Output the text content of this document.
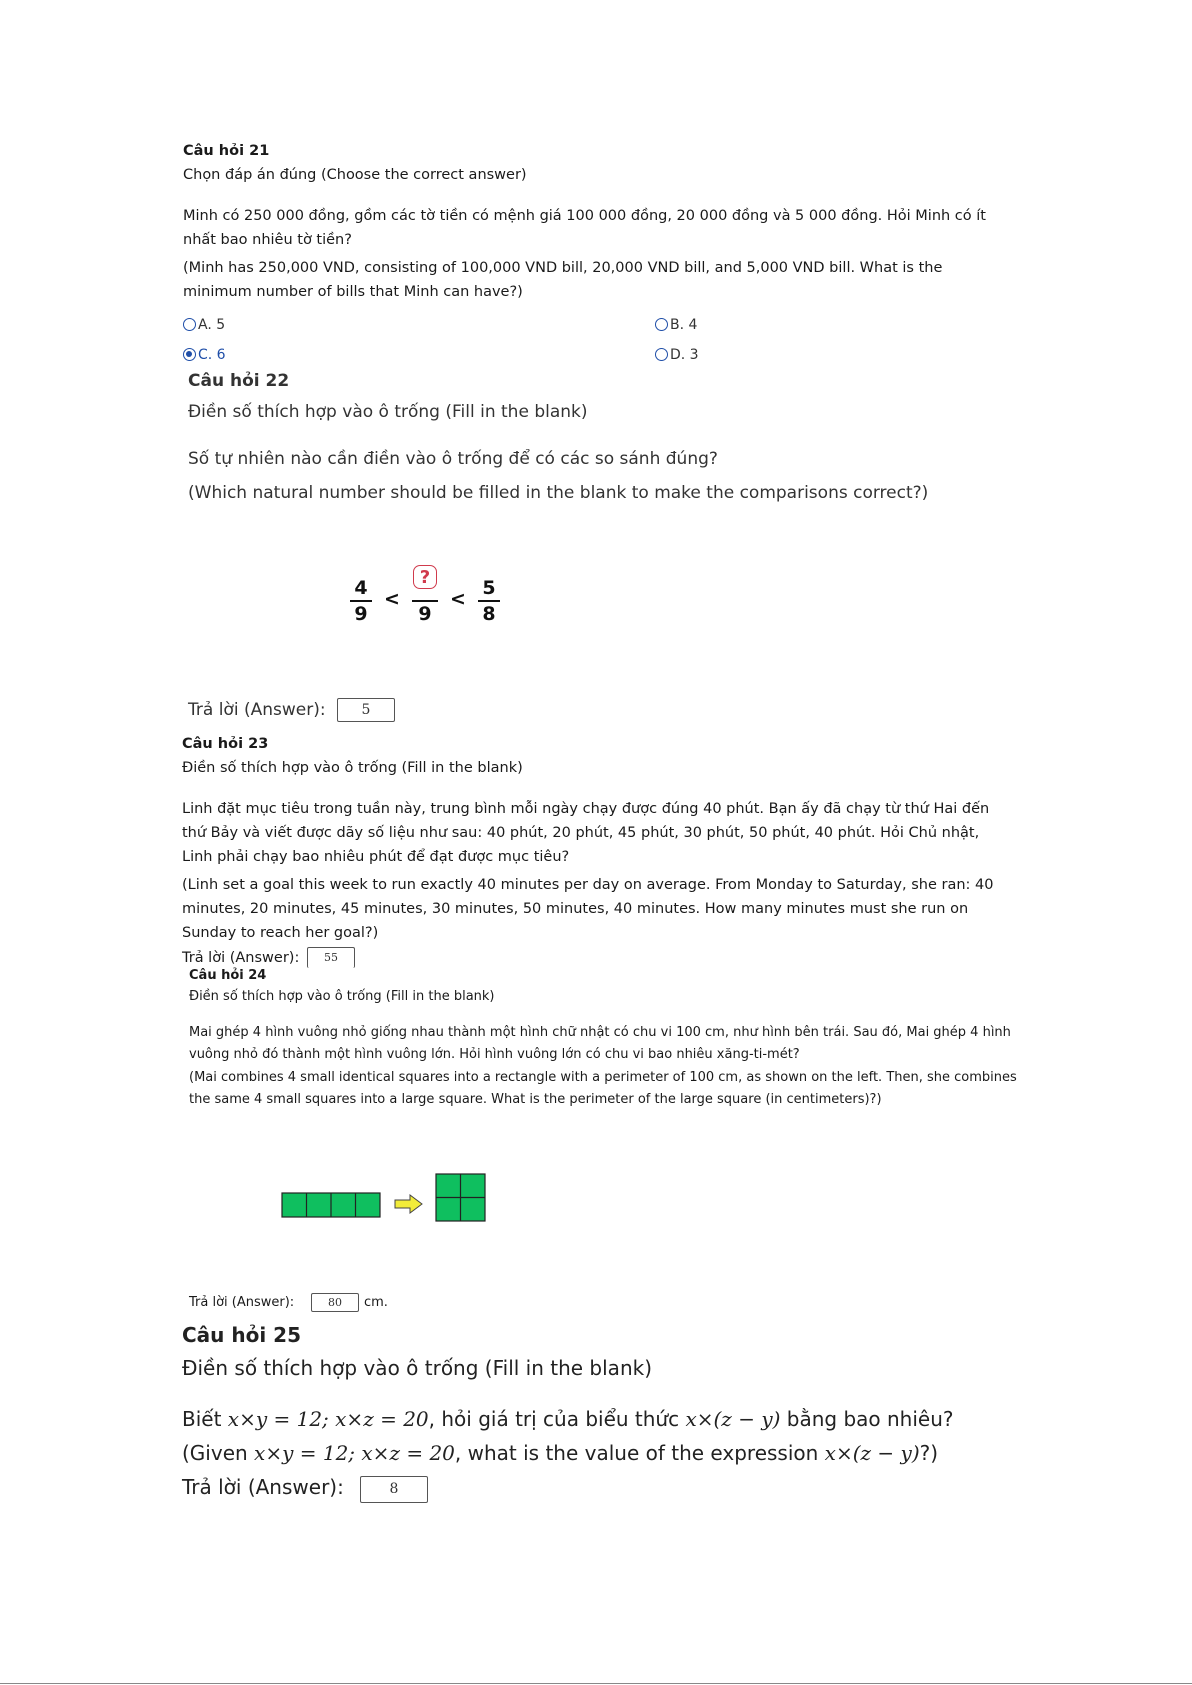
Câu hỏi 21
Chọn đáp án đúng (Choose the correct answer)
Minh có 250 000 đồng, gồm các tờ tiền có mệnh giá 100 000 đồng, 20 000 đồng và 5 000 đồng. Hỏi Minh có ít nhất bao nhiêu tờ tiền?
(Minh has 250,000 VND, consisting of 100,000 VND bill, 20,000 VND bill, and 5,000 VND bill. What is the minimum number of bills that Minh can have?)
A. 5	B. 4
C. 6	D. 3
Câu hỏi 22
Điền số thích hợp vào ô trống (Fill in the blank)
Số tự nhiên nào cần điền vào ô trống để có các so sánh đúng?
(Which natural number should be filled in the blank to make the comparisons correct?)
4
9
<
?
9
< 5
8
Trả lời (Answer):	5
Câu hỏi 23
Điền số thích hợp vào ô trống (Fill in the blank)
Linh đặt mục tiêu trong tuần này, trung bình mỗi ngày chạy được đúng 40 phút. Bạn ấy đã chạy từ thứ Hai đến thứ Bảy và viết được dãy số liệu như sau: 40 phút, 20 phút, 45 phút, 30 phút, 50 phút, 40 phút. Hỏi Chủ nhật, Linh phải chạy bao nhiêu phút để đạt được mục tiêu?
(Linh set a goal this week to run exactly 40 minutes per day on average. From Monday to Saturday, she ran: 40 minutes, 20 minutes, 45 minutes, 30 minutes, 50 minutes, 40 minutes. How many minutes must she run on Sunday to reach her goal?)
Trả lời (Answer):	55
Câu hỏi 24
Điền số thích hợp vào ô trống (Fill in the blank)
Mai ghép 4 hình vuông nhỏ giống nhau thành một hình chữ nhật có chu vi 100 cm, như hình bên trái. Sau đó, Mai ghép 4 hình vuông nhỏ đó thành một hình vuông lớn. Hỏi hình vuông lớn có chu vi bao nhiêu xăng-ti-mét?
(Mai combines 4 small identical squares into a rectangle with a perimeter of 100 cm, as shown on the left. Then, she combines the same 4 small squares into a large square. What is the perimeter of the large square (in centimeters)?)
Trả lời (Answer):	80	cm.
Câu hỏi 25
Điền số thích hợp vào ô trống (Fill in the blank)
Biết x×y = 12; x×z = 20, hỏi giá trị của biểu thức x×(z − y) bằng bao nhiêu?
(Given x×y = 12; x×z = 20, what is the value of the expression x×(z − y)?)
Trả lời (Answer):	8
